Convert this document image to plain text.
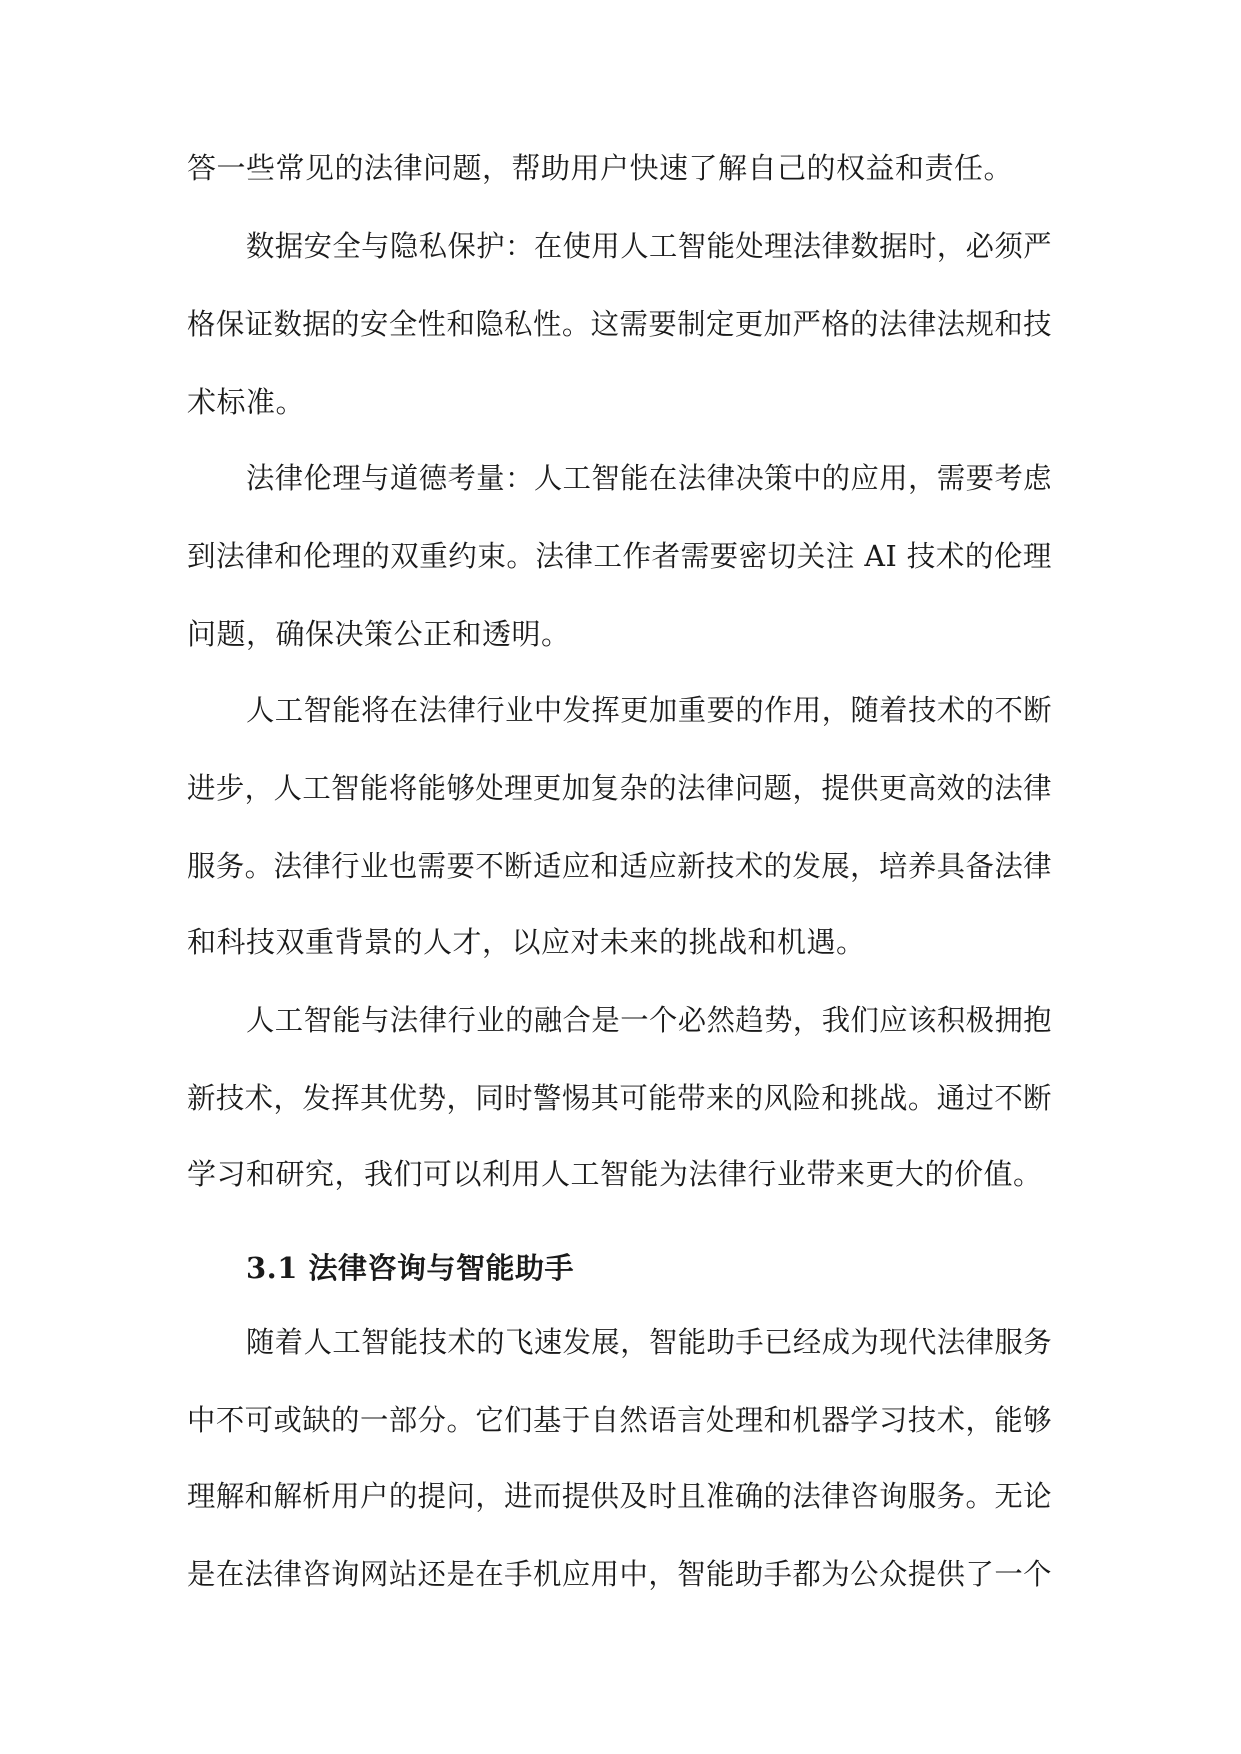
答一些常见的法律问题，帮助用户快速了解自己的权益和责任。
数据安全与隐私保护：在使用人工智能处理法律数据时，必须严
格保证数据的安全性和隐私性。这需要制定更加严格的法律法规和技
术标准。
法律伦理与道德考量：人工智能在法律决策中的应用，需要考虑
到法律和伦理的双重约束。法律工作者需要密切关注 AI 技术的伦理
问题，确保决策公正和透明。
人工智能将在法律行业中发挥更加重要的作用，随着技术的不断
进步，人工智能将能够处理更加复杂的法律问题，提供更高效的法律
服务。法律行业也需要不断适应和适应新技术的发展，培养具备法律
和科技双重背景的人才，以应对未来的挑战和机遇。
人工智能与法律行业的融合是一个必然趋势，我们应该积极拥抱
新技术，发挥其优势，同时警惕其可能带来的风险和挑战。通过不断
学习和研究，我们可以利用人工智能为法律行业带来更大的价值。
3.1 法律咨询与智能助手
随着人工智能技术的飞速发展，智能助手已经成为现代法律服务
中不可或缺的一部分。它们基于自然语言处理和机器学习技术，能够
理解和解析用户的提问，进而提供及时且准确的法律咨询服务。无论
是在法律咨询网站还是在手机应用中，智能助手都为公众提供了一个
